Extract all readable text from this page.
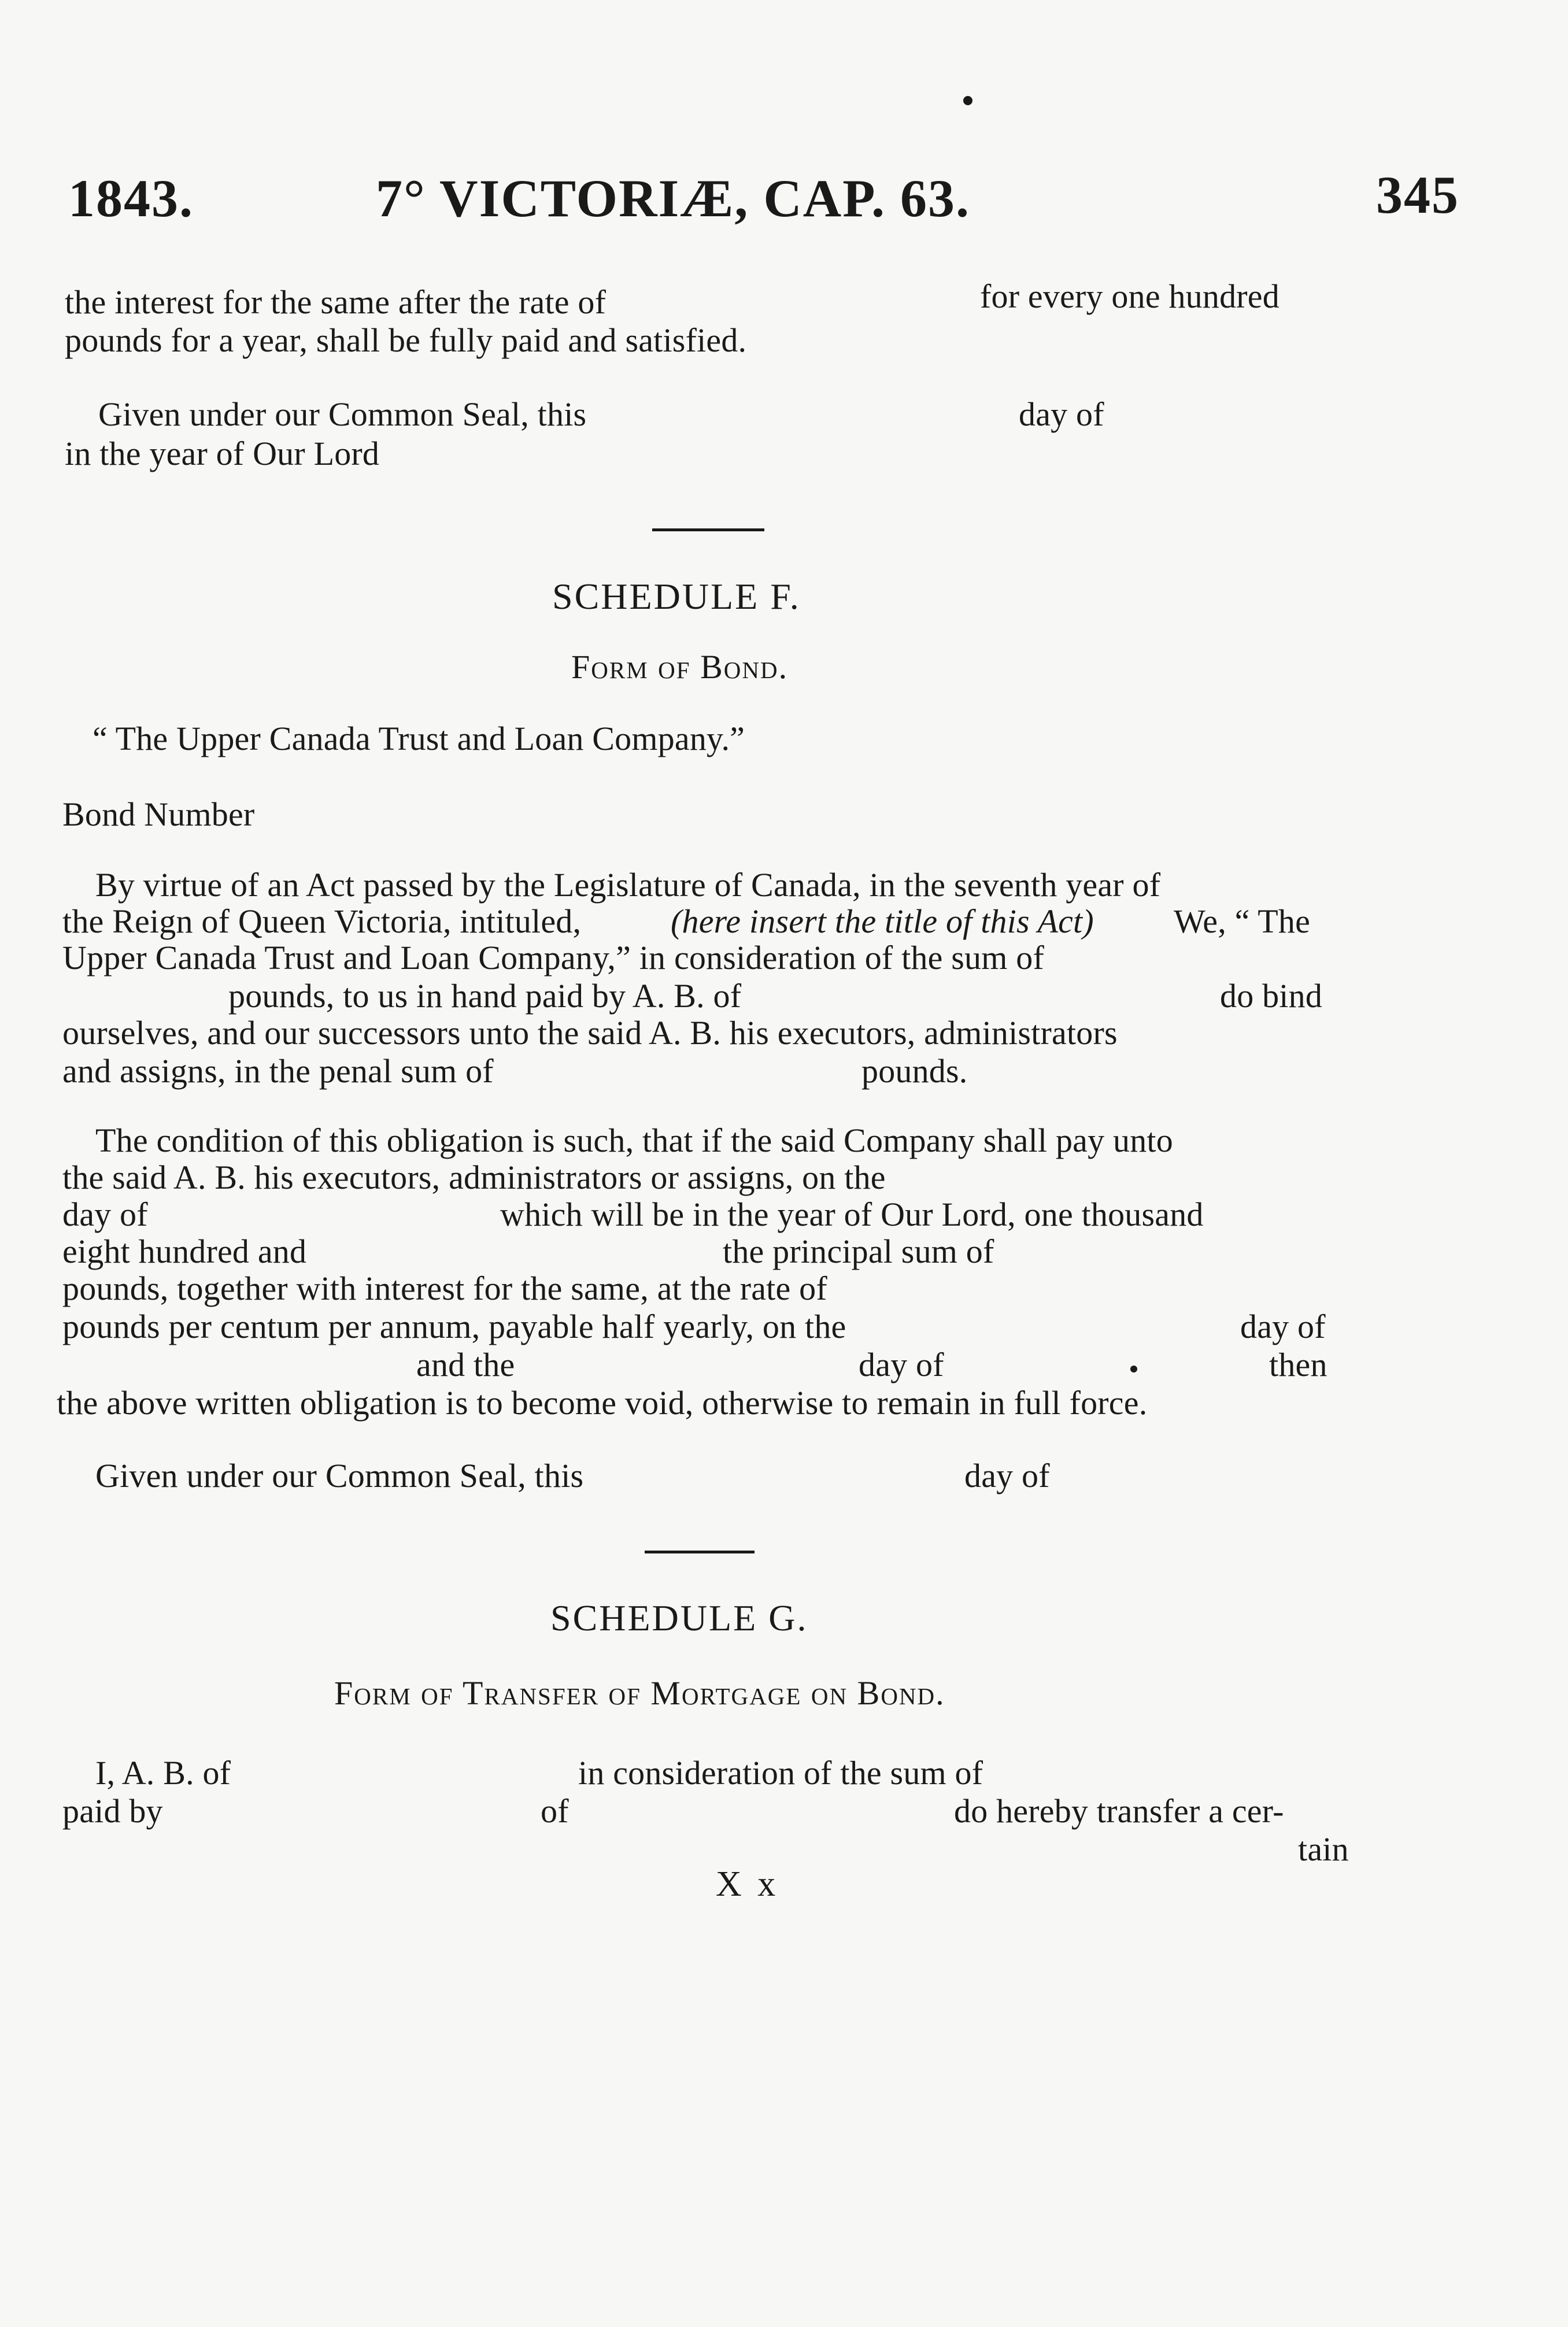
1843.	7° VICTORIÆ, CAP. 63.	345
the interest for the same after the rate of	for every one hundred
pounds for a year, shall be fully paid and satisfied.
Given under our Common Seal, this	day of
in the year of Our Lord
SCHEDULE F.
Form of Bond.
“ The Upper Canada Trust and Loan Company.”
Bond Number
By virtue of an Act passed by the Legislature of Canada, in the seventh year of
the Reign of Queen Victoria, intituled,	(here insert the title of this Act) We, “ The
Upper Canada Trust and Loan Company,” in consideration of the sum of
pounds, to us in hand paid by A. B. of	do bind
ourselves, and our successors unto the said A. B. his executors, administrators
and assigns, in the penal sum of	pounds.
The condition of this obligation is such, that if the said Company shall pay unto
the said A. B. his executors, administrators or assigns, on the
day of	which will be in the year of Our Lord, one thousand
eight hundred and	the principal sum of
pounds, together with interest for the same, at the rate of
pounds per centum per annum, payable half yearly, on the	day of
and the	day of	then
the above written obligation is to become void, otherwise to remain in full force.
Given under our Common Seal, this	day of
SCHEDULE G.
Form of Transfer of Mortgage on Bond.
I, A. B. of	in consideration of the sum of
paid by	of	do hereby transfer a cer-
tain
X x
